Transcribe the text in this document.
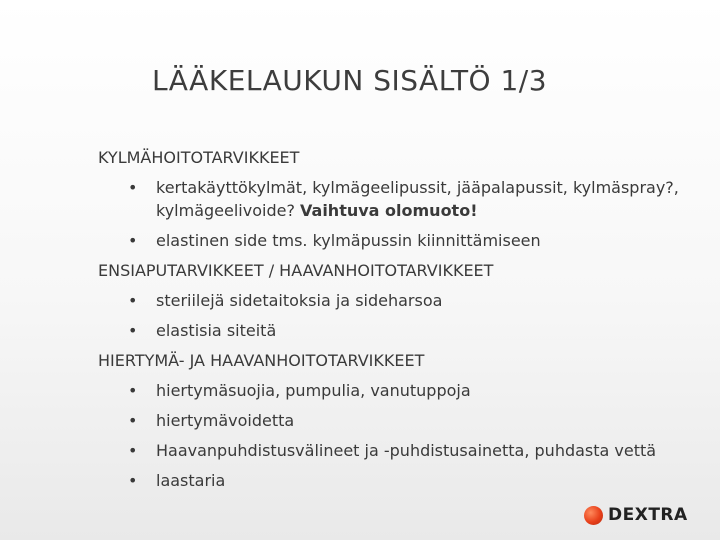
LÄÄKELAUKUN SISÄLTÖ 1/3
KYLMÄHOITOTARVIKKEET
• kertakäyttökylmät, kylmägeelipussit, jääpalapussit, kylmäspray?, kylmägeelivoide? Vaihtuva olomuoto!
• elastinen side tms. kylmäpussin kiinnittämiseen
ENSIAPUTARVIKKEET / HAAVANHOITOTARVIKKEET
• steriilejä sidetaitoksia ja sideharsoa
• elastisia siteitä
HIERTYMÄ- JA HAAVANHOITOTARVIKKEET
• hiertymäsuojia, pumpulia, vanutuppoja
• hiertymävoidetta
• Haavanpuhdistusvälineet ja -puhdistusainetta, puhdasta vettä
• laastaria
DEXTRA
